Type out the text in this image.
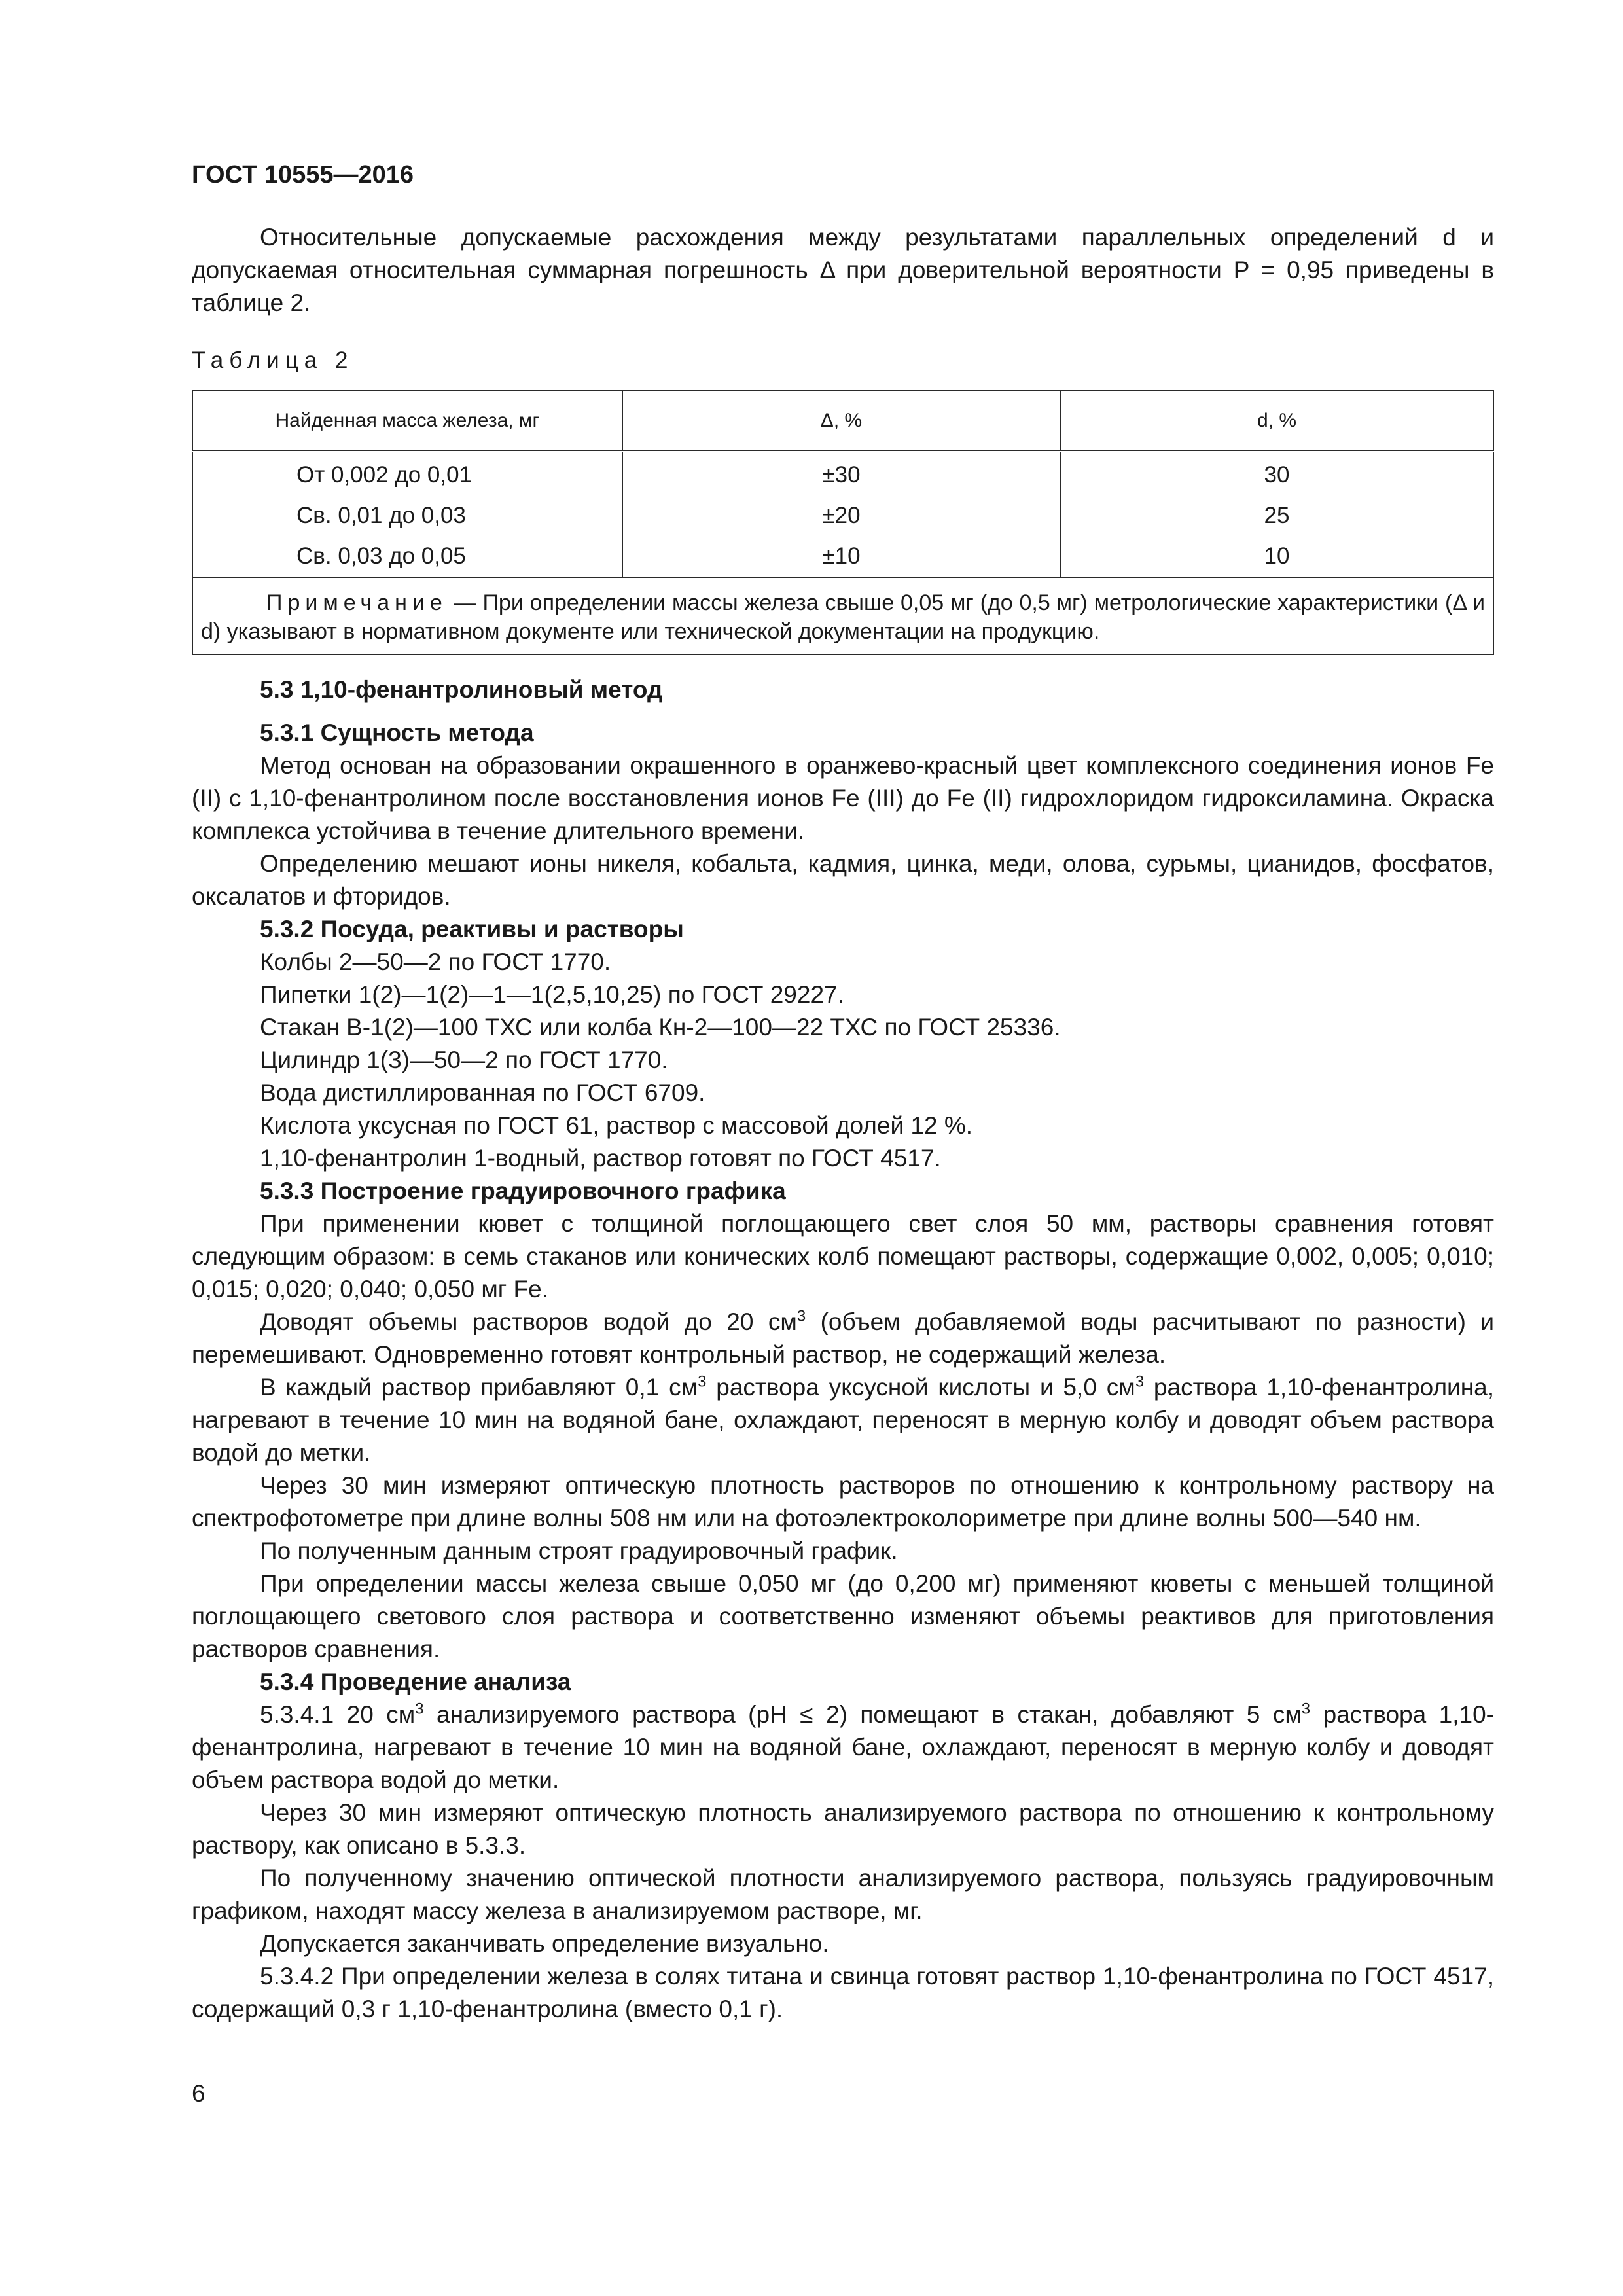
ГОСТ 10555—2016

Относительные допускаемые расхождения между результатами параллельных определений d и допускаемая относительная суммарная погрешность Δ при доверительной вероятности P = 0,95 приведены в таблице 2.

Таблица 2
Найденная масса железа, мг	Δ, %	d, %
От 0,002 до 0,01	±30	30
Св. 0,01 до 0,03	±20	25
Св. 0,03 до 0,05	±10	10
Примечание — При определении массы железа свыше 0,05 мг (до 0,5 мг) метрологические характеристики (Δ и d) указывают в нормативном документе или технической документации на продукцию.		

5.3 1,10-фенантролиновый метод

5.3.1 Сущность метода

Метод основан на образовании окрашенного в оранжево-красный цвет комплексного соединения ионов Fe (II) с 1,10-фенантролином после восстановления ионов Fe (III) до Fe (II) гидрохлоридом гидроксиламина. Окраска комплекса устойчива в течение длительного времени.

Определению мешают ионы никеля, кобальта, кадмия, цинка, меди, олова, сурьмы, цианидов, фосфатов, оксалатов и фторидов.

5.3.2 Посуда, реактивы и растворы

Колбы 2—50—2 по ГОСТ 1770.

Пипетки 1(2)—1(2)—1—1(2,5,10,25) по ГОСТ 29227.

Стакан В-1(2)—100 ТХС или колба Кн-2—100—22 ТХС по ГОСТ 25336.

Цилиндр 1(3)—50—2 по ГОСТ 1770.

Вода дистиллированная по ГОСТ 6709.

Кислота уксусная по ГОСТ 61, раствор с массовой долей 12 %.

1,10-фенантролин 1-водный, раствор готовят по ГОСТ 4517.

5.3.3 Построение градуировочного графика

При применении кювет с толщиной поглощающего свет слоя 50 мм, растворы сравнения готовят следующим образом: в семь стаканов или конических колб помещают растворы, содержащие 0,002, 0,005; 0,010; 0,015; 0,020; 0,040; 0,050 мг Fe.

Доводят объемы растворов водой до 20 $см^3$ (объем добавляемой воды расчитывают по разности) и перемешивают. Одновременно готовят контрольный раствор, не содержащий железа.

В каждый раствор прибавляют 0,1 $см^3$ раствора уксусной кислоты и 5,0 $см^3$ раствора 1,10-фенантролина, нагревают в течение 10 мин на водяной бане, охлаждают, переносят в мерную колбу и доводят объем раствора водой до метки.

Через 30 мин измеряют оптическую плотность растворов по отношению к контрольному раствору на спектрофотометре при длине волны 508 нм или на фотоэлектроколориметре при длине волны 500—540 нм.

По полученным данным строят градуировочный график.

При определении массы железа свыше 0,050 мг (до 0,200 мг) применяют кюветы с меньшей толщиной поглощающего светового слоя раствора и соответственно изменяют объемы реактивов для приготовления растворов сравнения.

5.3.4 Проведение анализа

5.3.4.1 20 $см^3$ анализируемого раствора (pH ≤ 2) помещают в стакан, добавляют 5 $см^3$ раствора 1,10-фенантролина, нагревают в течение 10 мин на водяной бане, охлаждают, переносят в мерную колбу и доводят объем раствора водой до метки.

Через 30 мин измеряют оптическую плотность анализируемого раствора по отношению к контрольному раствору, как описано в 5.3.3.

По полученному значению оптической плотности анализируемого раствора, пользуясь градуировочным графиком, находят массу железа в анализируемом растворе, мг.

Допускается заканчивать определение визуально.

5.3.4.2 При определении железа в солях титана и свинца готовят раствор 1,10-фенантролина по ГОСТ 4517, содержащий 0,3 г 1,10-фенантролина (вместо 0,1 г).

6
